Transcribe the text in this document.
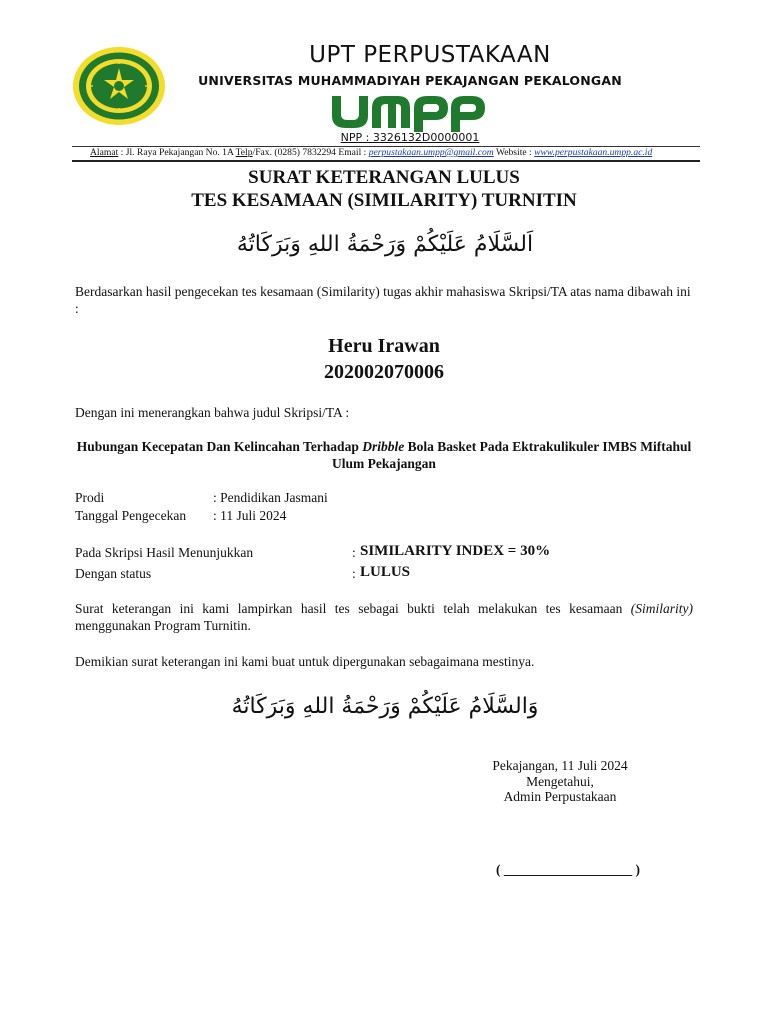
UPT PERPUSTAKAAN
UNIVERSITAS MUHAMMADIYAH PEKAJANGAN PEKALONGAN
NPP : 3326132D0000001
Alamat : Jl. Raya Pekajangan No. 1A Telp/Fax. (0285) 7832294 Email : perpustakaan.umpp@gmail.com Website : www.perpustakaan.umpp.ac.id
SURAT KETERANGAN LULUS
TES KESAMAAN (SIMILARITY) TURNITIN
اَلسَّلَامُ عَلَيْكُمْ وَرَحْمَةُ اللهِ وَبَرَكَاتُهُ
Berdasarkan hasil pengecekan tes kesamaan (Similarity) tugas akhir mahasiswa Skripsi/TA atas nama dibawah ini :
Heru Irawan
202002070006
Dengan ini menerangkan bahwa judul Skripsi/TA :
Hubungan Kecepatan Dan Kelincahan Terhadap Dribble Bola Basket Pada Ektrakulikuler IMBS Miftahul Ulum Pekajangan
Prodi	: Pendidikan Jasmani
Tanggal Pengecekan : 11 Juli 2024
Pada Skripsi Hasil Menunjukkan	: SIMILARITY INDEX = 30%
Dengan status	: LULUS
Surat keterangan ini kami lampirkan hasil tes sebagai bukti telah melakukan tes kesamaan (Similarity) menggunakan Program Turnitin.
Demikian surat keterangan ini kami buat untuk dipergunakan sebagaimana mestinya.
وَالسَّلَامُ عَلَيْكُمْ وَرَحْمَةُ اللهِ وَبَرَكَاتُهُ
Pekajangan, 11 Juli 2024
Mengetahui,
Admin Perpustakaan
( ___________________ )
